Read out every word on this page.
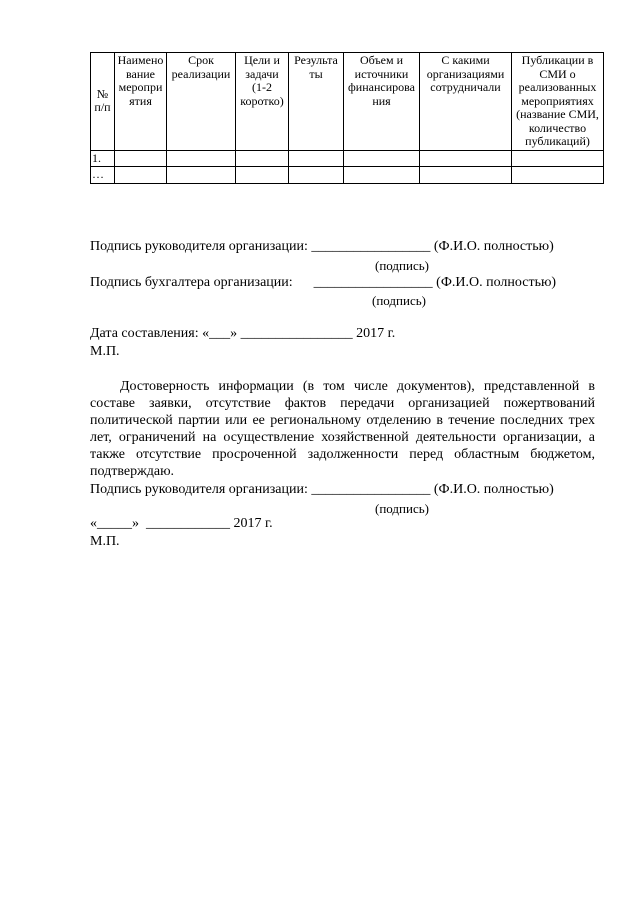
№ п/п	Наимено вание меропри ятия	Срок реализации	Цели и задачи (1-2 коротко)	Результа ты	Объем и источники финансирова ния	С какими организациями сотрудничали	Публикации в СМИ о реализованных мероприятиях (название СМИ, количество публикаций)
1.							
…							
Подпись руководителя организации: _________________ (Ф.И.О. полностью)
(подпись)
Подпись бухгалтера организации:      _________________ (Ф.И.О. полностью)
(подпись)
Дата составления: «___» ________________ 2017 г.
М.П.

Достоверность информации (в том числе документов), представленной в составе заявки, отсутствие фактов передачи организацией пожертвований политической партии или ее региональному отделению в течение последних трех лет, ограничений на осуществление хозяйственной деятельности организации, а также отсутствие просроченной задолженности перед областным бюджетом, подтверждаю.

Подпись руководителя организации: _________________ (Ф.И.О. полностью)
(подпись)
«_____»  ____________ 2017 г.
М.П.
